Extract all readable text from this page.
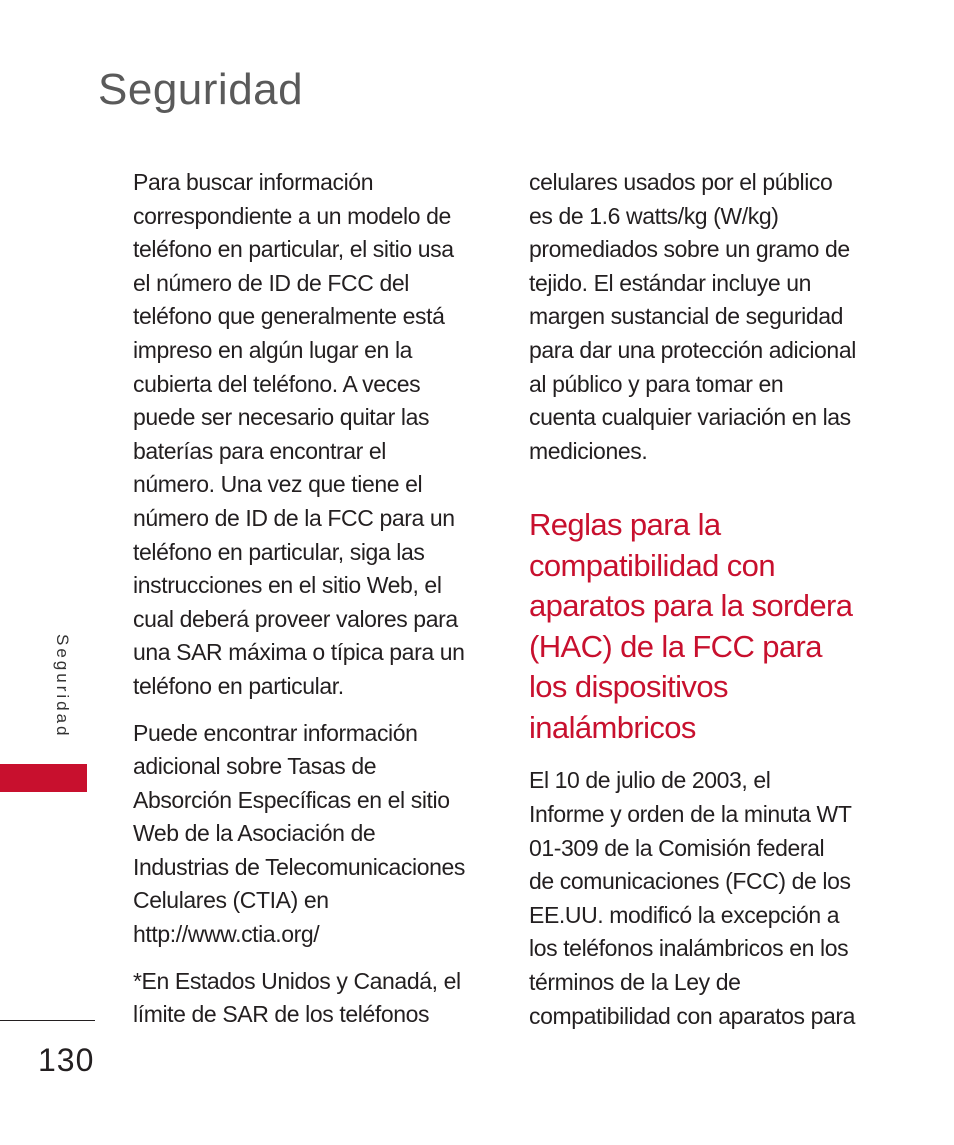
Seguridad

Para buscar información
correspondiente a un modelo de
teléfono en particular, el sitio usa
el número de ID de FCC del
teléfono que generalmente está
impreso en algún lugar en la
cubierta del teléfono. A veces
puede ser necesario quitar las
baterías para encontrar el
número. Una vez que tiene el
número de ID de la FCC para un
teléfono en particular, siga las
instrucciones en el sitio Web, el
cual deberá proveer valores para
una SAR máxima o típica para un
teléfono en particular.

Puede encontrar información
adicional sobre Tasas de
Absorción Específicas en el sitio
Web de la Asociación de
Industrias de Telecomunicaciones
Celulares (CTIA) en
http://www.ctia.org/

*En Estados Unidos y Canadá, el
límite de SAR de los teléfonos

celulares usados por el público
es de 1.6 watts/kg (W/kg)
promediados sobre un gramo de
tejido. El estándar incluye un
margen sustancial de seguridad
para dar una protección adicional
al público y para tomar en
cuenta cualquier variación en las
mediciones.

Reglas para la
compatibilidad con
aparatos para la sordera
(HAC) de la FCC para
los dispositivos
inalámbricos

El 10 de julio de 2003, el
Informe y orden de la minuta WT
01-309 de la Comisión federal
de comunicaciones (FCC) de los
EE.UU. modificó la excepción a
los teléfonos inalámbricos en los
términos de la Ley de
compatibilidad con aparatos para

Seguridad
130
